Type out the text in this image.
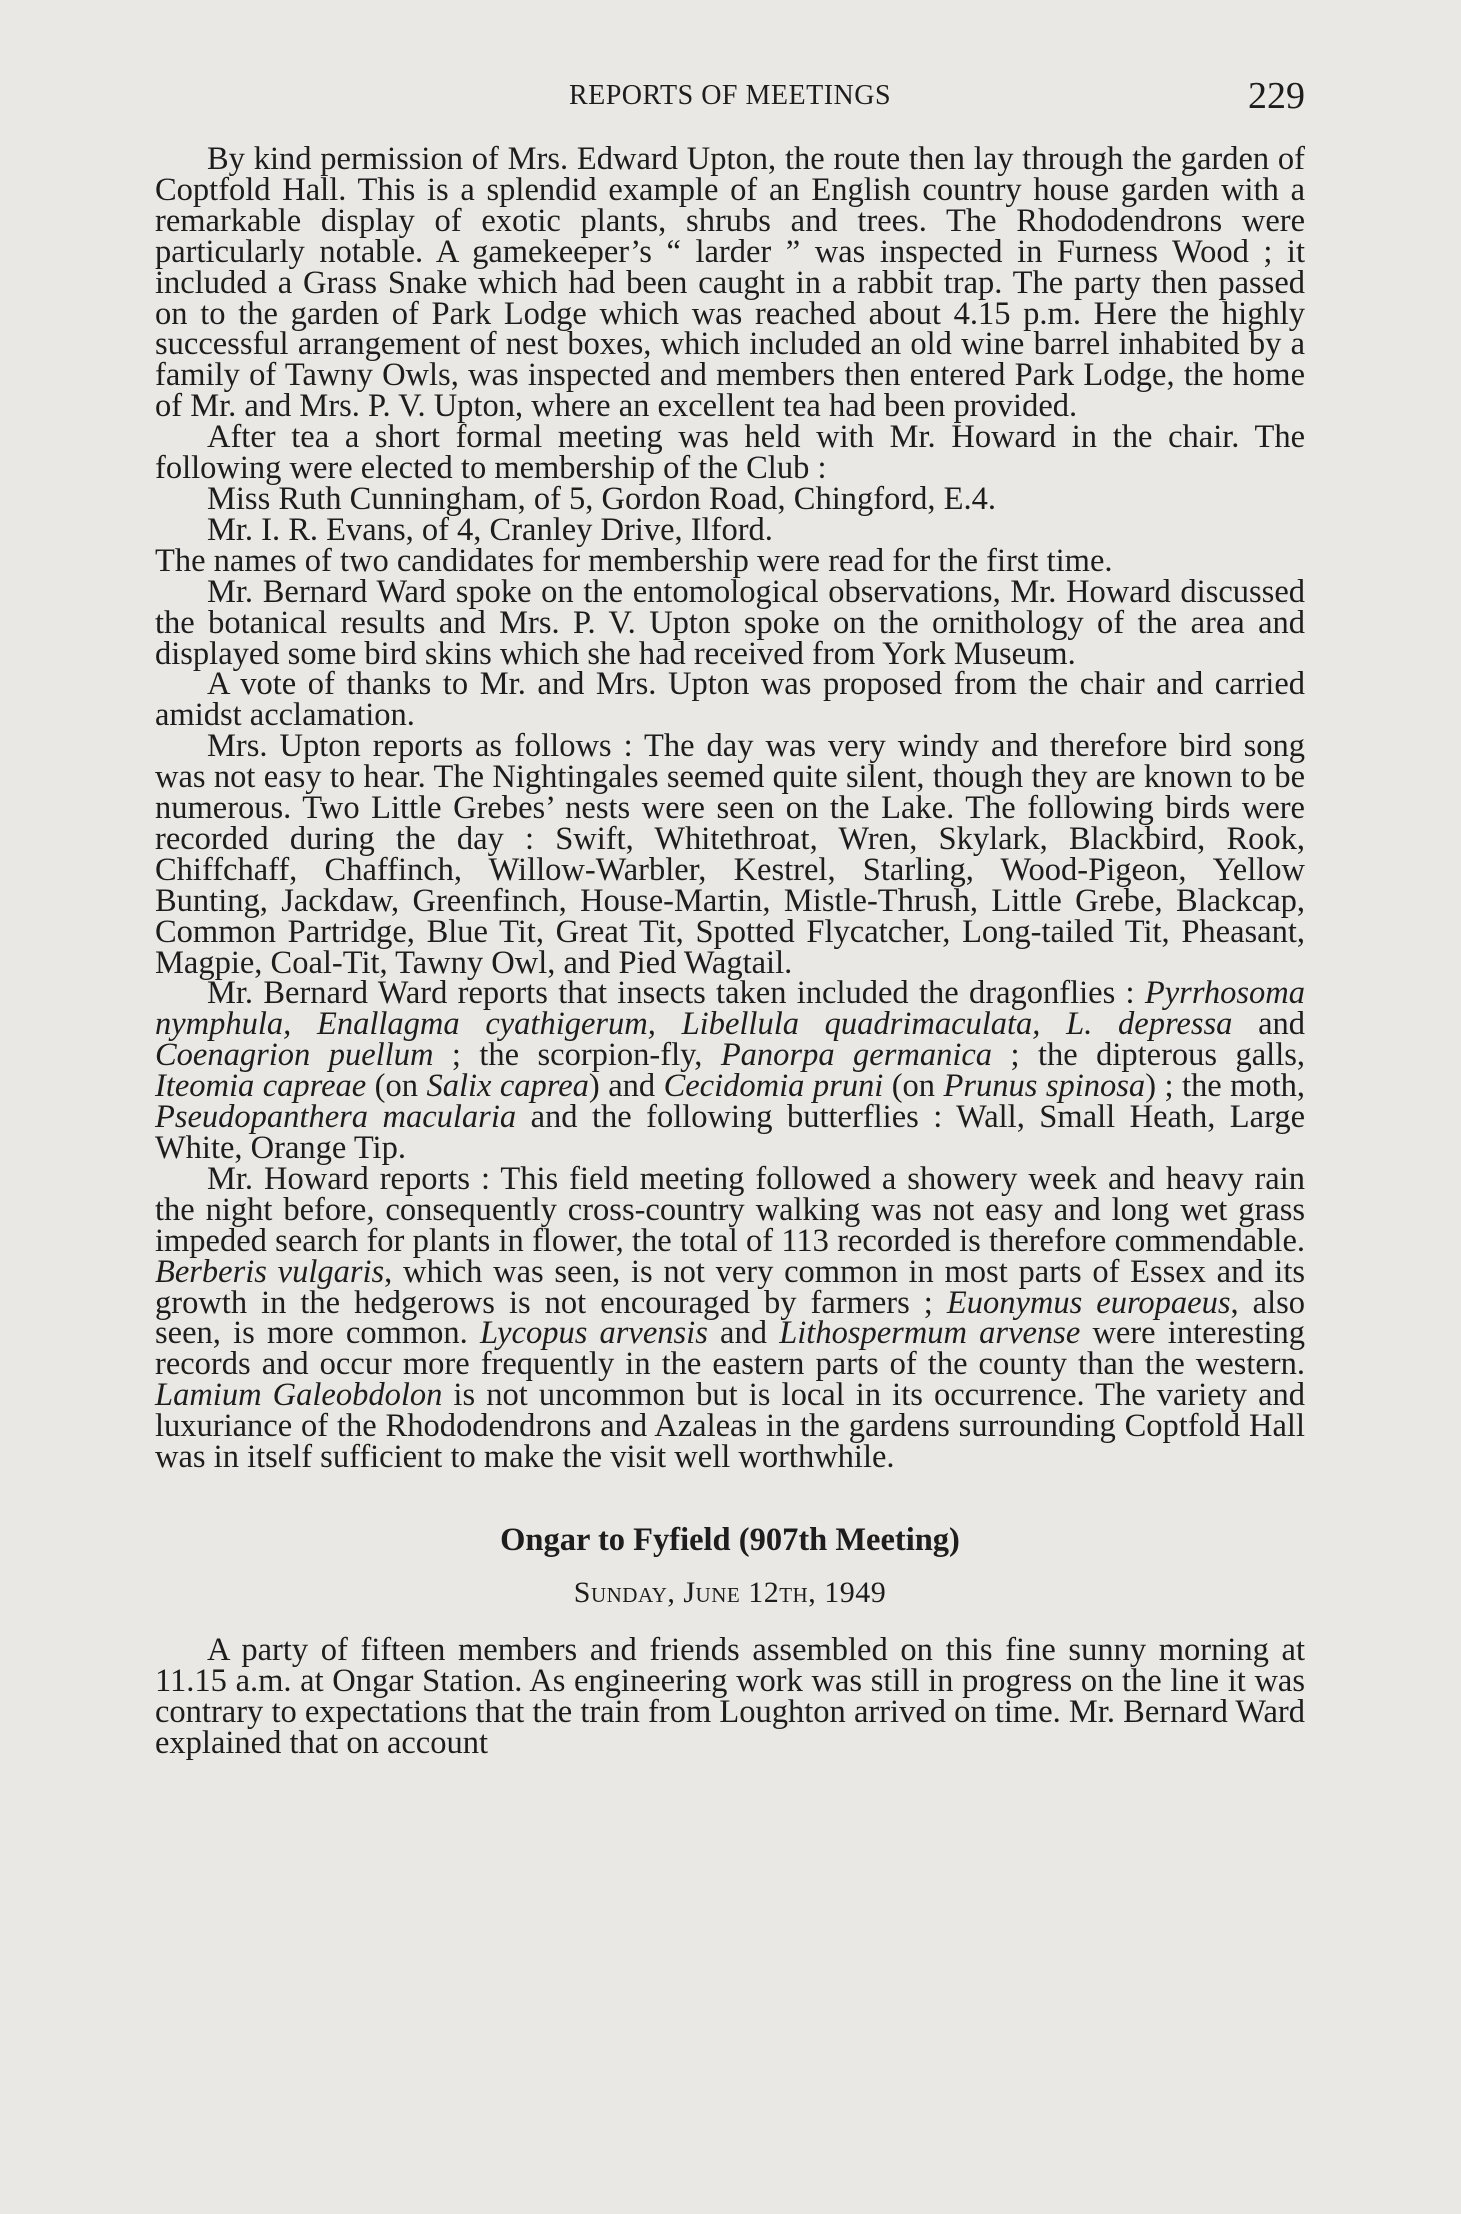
REPORTS OF MEETINGS	229

By kind permission of Mrs. Edward Upton, the route then lay through the garden of Coptfold Hall. This is a splendid example of an English country house garden with a remarkable display of exotic plants, shrubs and trees. The Rhododendrons were particularly notable. A gamekeeper’s “ larder ” was inspected in Furness Wood ; it included a Grass Snake which had been caught in a rabbit trap. The party then passed on to the garden of Park Lodge which was reached about 4.15 p.m. Here the highly successful arrangement of nest boxes, which included an old wine barrel inhabited by a family of Tawny Owls, was inspected and members then entered Park Lodge, the home of Mr. and Mrs. P. V. Upton, where an excellent tea had been provided.

After tea a short formal meeting was held with Mr. Howard in the chair. The following were elected to membership of the Club :

Miss Ruth Cunningham, of 5, Gordon Road, Chingford, E.4.

Mr. I. R. Evans, of 4, Cranley Drive, Ilford.

The names of two candidates for membership were read for the first time.

Mr. Bernard Ward spoke on the entomological observations, Mr. Howard discussed the botanical results and Mrs. P. V. Upton spoke on the ornithology of the area and displayed some bird skins which she had received from York Museum.

A vote of thanks to Mr. and Mrs. Upton was proposed from the chair and carried amidst acclamation.

Mrs. Upton reports as follows : The day was very windy and therefore bird song was not easy to hear. The Nightingales seemed quite silent, though they are known to be numerous. Two Little Grebes’ nests were seen on the Lake. The following birds were recorded during the day : Swift, Whitethroat, Wren, Skylark, Blackbird, Rook, Chiffchaff, Chaffinch, Willow-Warbler, Kestrel, Starling, Wood-Pigeon, Yellow Bunting, Jackdaw, Greenfinch, House-Martin, Mistle-Thrush, Little Grebe, Blackcap, Common Partridge, Blue Tit, Great Tit, Spotted Flycatcher, Long-tailed Tit, Pheasant, Magpie, Coal-Tit, Tawny Owl, and Pied Wagtail.

Mr. Bernard Ward reports that insects taken included the dragonflies : Pyrrhosoma nymphula, Enallagma cyathigerum, Libellula quadrimaculata, L. depressa and Coenagrion puellum ; the scorpion-fly, Panorpa germanica ; the dipterous galls, Iteomia capreae (on Salix caprea) and Cecidomia pruni (on Prunus spinosa) ; the moth, Pseudopanthera macularia and the following butterflies : Wall, Small Heath, Large White, Orange Tip.

Mr. Howard reports : This field meeting followed a showery week and heavy rain the night before, consequently cross-country walking was not easy and long wet grass impeded search for plants in flower, the total of 113 recorded is therefore commendable. Berberis vulgaris, which was seen, is not very common in most parts of Essex and its growth in the hedgerows is not encouraged by farmers ; Euonymus europaeus, also seen, is more common. Lycopus arvensis and Lithospermum arvense were interesting records and occur more frequently in the eastern parts of the county than the western. Lamium Galeobdolon is not uncommon but is local in its occurrence. The variety and luxuriance of the Rhododendrons and Azaleas in the gardens surrounding Coptfold Hall was in itself sufficient to make the visit well worthwhile.

Ongar to Fyfield (907th Meeting)
Sunday, June 12th, 1949

A party of fifteen members and friends assembled on this fine sunny morning at 11.15 a.m. at Ongar Station. As engineering work was still in progress on the line it was contrary to expectations that the train from Loughton arrived on time. Mr. Bernard Ward explained that on account
